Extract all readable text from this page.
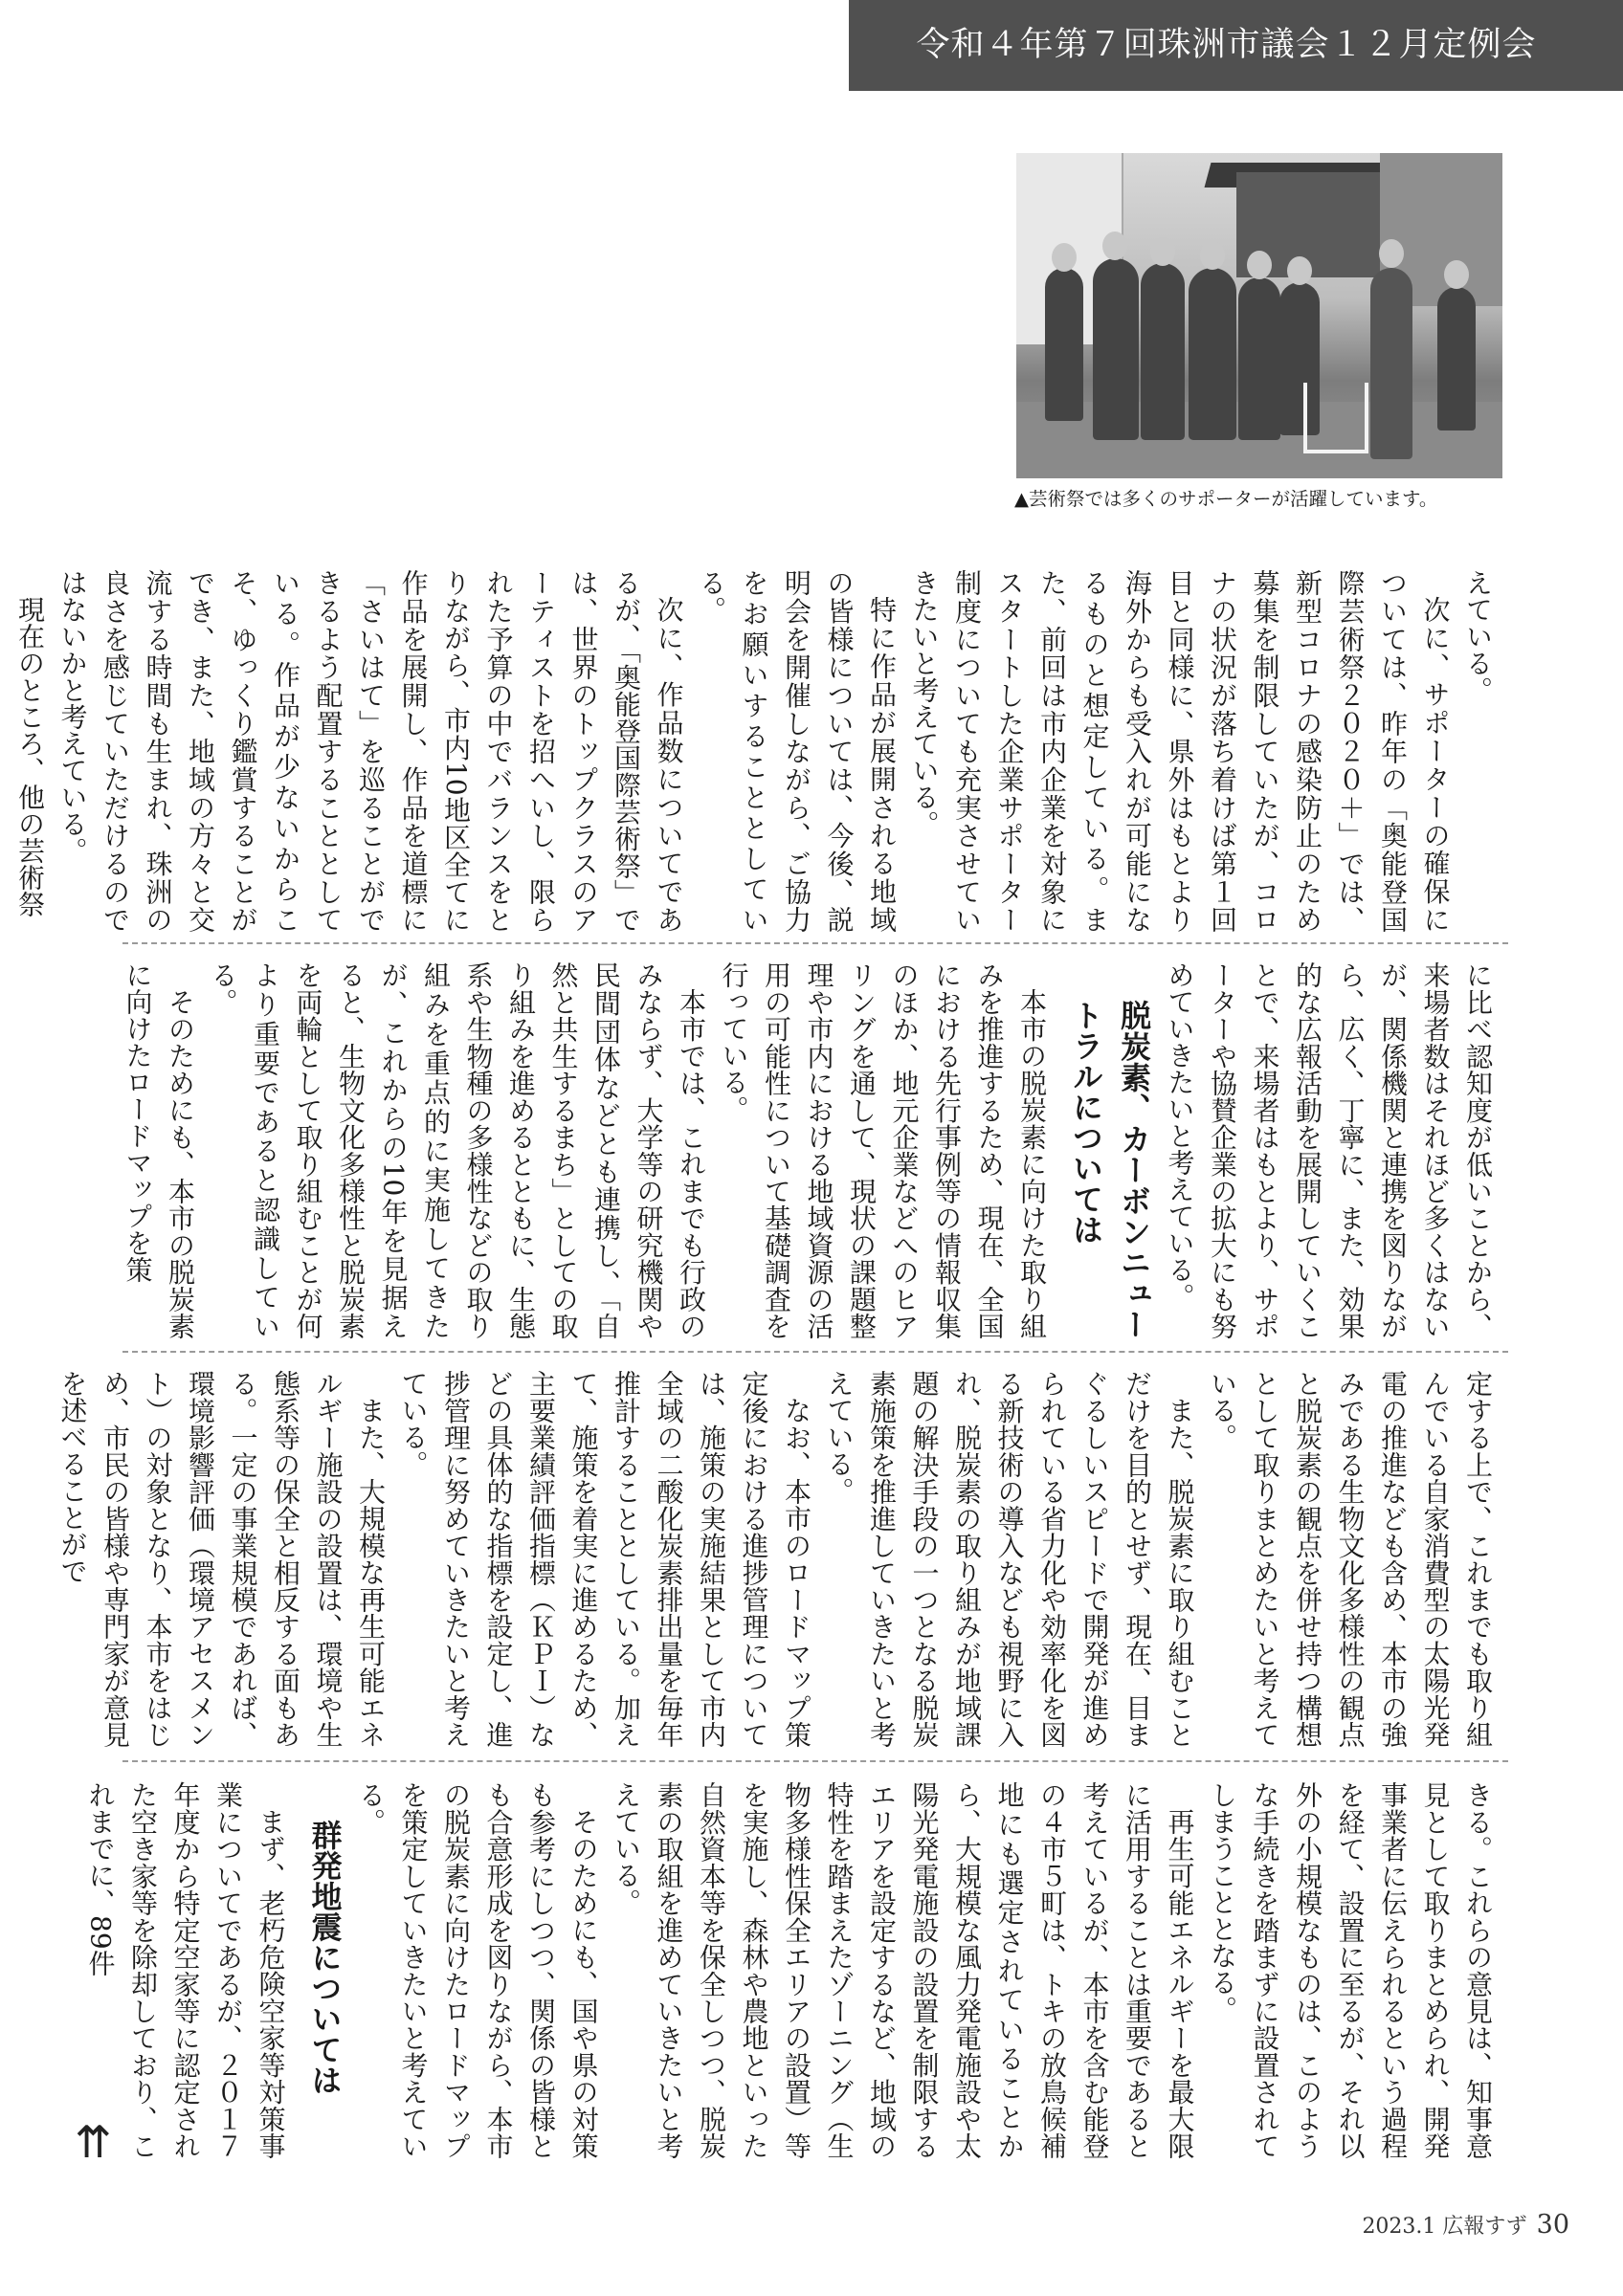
令和４年第７回珠洲市議会１２月定例会
▲芸術祭では多くのサポーターが活躍しています。

えている。

次に、サポーターの確保については、昨年の「奥能登国際芸術祭２０２０＋」では、新型コロナの感染防止のため募集を制限していたが、コロナの状況が落ち着けば第１回目と同様に、県外はもとより海外からも受入れが可能になるものと想定している。また、前回は市内企業を対象にスタートした企業サポーター制度についても充実させていきたいと考えている。

特に作品が展開される地域の皆様については、今後、説明会を開催しながら、ご協力をお願いすることとしている。

次に、作品数についてであるが、「奥能登国際芸術祭」では、世界のトップクラスのアーティストを招へいし、限られた予算の中でバランスをとりながら、市内10地区全てに作品を展開し、作品を道標に「さいはて」を巡ることができるよう配置することとしている。作品が少ないからこそ、ゆっくり鑑賞することができ、また、地域の方々と交流する時間も生まれ、珠洲の良さを感じていただけるのではないかと考えている。

現在のところ、他の芸術祭

に比べ認知度が低いことから、来場者数はそれほど多くはないが、関係機関と連携を図りながら、広く、丁寧に、また、効果的な広報活動を展開していくことで、来場者はもとより、サポーターや協賛企業の拡大にも努めていきたいと考えている。

脱炭素、カーボンニュートラルについては

本市の脱炭素に向けた取り組みを推進するため、現在、全国における先行事例等の情報収集のほか、地元企業などへのヒアリングを通して、現状の課題整理や市内における地域資源の活用の可能性について基礎調査を行っている。

本市では、これまでも行政のみならず、大学等の研究機関や民間団体などとも連携し、「自然と共生するまち」としての取り組みを進めるとともに、生態系や生物種の多様性などの取り組みを重点的に実施してきたが、これからの10年を見据えると、生物文化多様性と脱炭素を両輪として取り組むことが何より重要であると認識している。

そのためにも、本市の脱炭素に向けたロードマップを策

定する上で、これまでも取り組んでいる自家消費型の太陽光発電の推進なども含め、本市の強みである生物文化多様性の観点と脱炭素の観点を併せ持つ構想として取りまとめたいと考えている。

また、脱炭素に取り組むことだけを目的とせず、現在、目まぐるしいスピードで開発が進められている省力化や効率化を図る新技術の導入なども視野に入れ、脱炭素の取り組みが地域課題の解決手段の一つとなる脱炭素施策を推進していきたいと考えている。

なお、本市のロードマップ策定後における進捗管理については、施策の実施結果として市内全域の二酸化炭素排出量を毎年推計することとしている。加えて、施策を着実に進めるため、主要業績評価指標（ＫＰＩ）などの具体的な指標を設定し、進捗管理に努めていきたいと考えている。

また、大規模な再生可能エネルギー施設の設置は、環境や生態系等の保全と相反する面もある。一定の事業規模であれば、環境影響評価（環境アセスメント）の対象となり、本市をはじめ、市民の皆様や専門家が意見を述べることがで

きる。これらの意見は、知事意見として取りまとめられ、開発事業者に伝えられるという過程を経て、設置に至るが、それ以外の小規模なものは、このような手続きを踏まずに設置されてしまうこととなる。

再生可能エネルギーを最大限に活用することは重要であると考えているが、本市を含む能登の４市５町は、トキの放鳥候補地にも選定されていることから、大規模な風力発電施設や太陽光発電施設の設置を制限するエリアを設定するなど、地域の特性を踏まえたゾーニング（生物多様性保全エリアの設置）等を実施し、森林や農地といった自然資本等を保全しつつ、脱炭素の取組を進めていきたいと考えている。

そのためにも、国や県の対策も参考にしつつ、関係の皆様とも合意形成を図りながら、本市の脱炭素に向けたロードマップを策定していきたいと考えている。

群発地震については

まず、老朽危険空家等対策事業についてであるが、２０１７年度から特定空家等に認定された空き家等を除却しており、これまでに、89件

⇈
2023.1 広報すず 30
